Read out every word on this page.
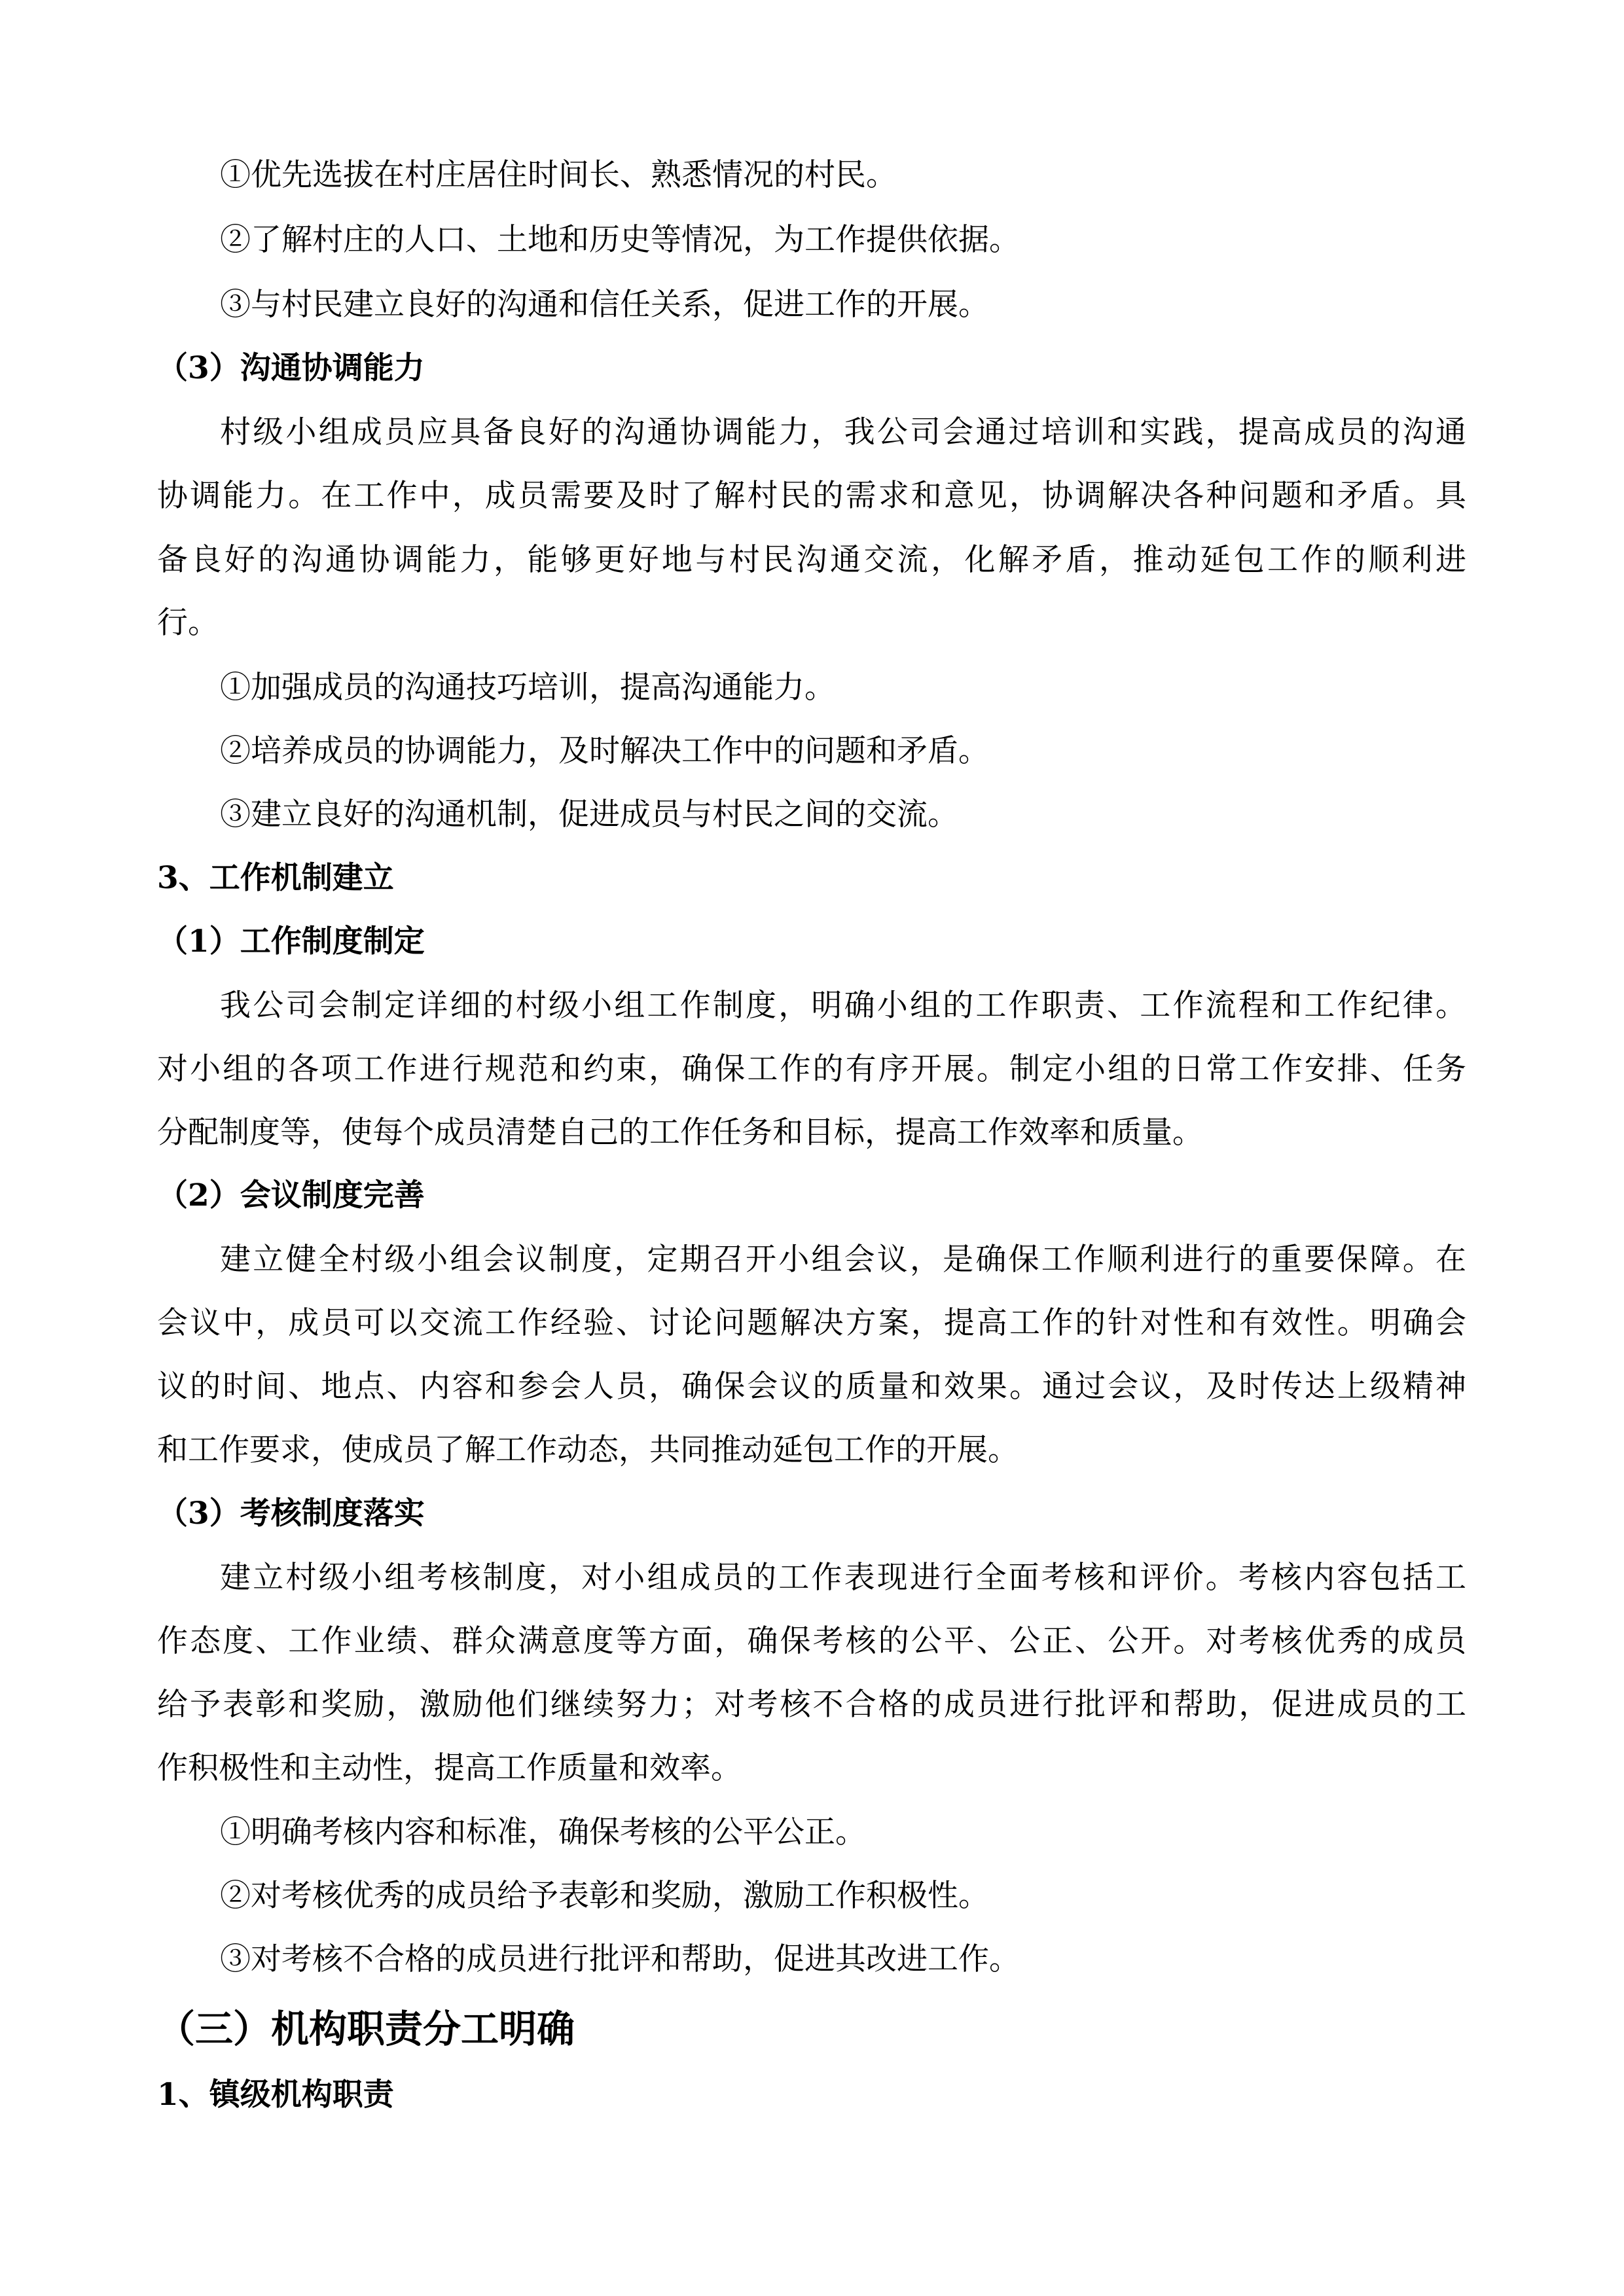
①优先选拔在村庄居住时间长、熟悉情况的村民。
②了解村庄的人口、土地和历史等情况，为工作提供依据。
③与村民建立良好的沟通和信任关系，促进工作的开展。
（3）沟通协调能力
村级小组成员应具备良好的沟通协调能力，我公司会通过培训和实践，提高成员的沟通
协调能力。在工作中，成员需要及时了解村民的需求和意见，协调解决各种问题和矛盾。具
备良好的沟通协调能力，能够更好地与村民沟通交流，化解矛盾，推动延包工作的顺利进
行。
①加强成员的沟通技巧培训，提高沟通能力。
②培养成员的协调能力，及时解决工作中的问题和矛盾。
③建立良好的沟通机制，促进成员与村民之间的交流。
3、工作机制建立
（1）工作制度制定
我公司会制定详细的村级小组工作制度，明确小组的工作职责、工作流程和工作纪律。
对小组的各项工作进行规范和约束，确保工作的有序开展。制定小组的日常工作安排、任务
分配制度等，使每个成员清楚自己的工作任务和目标，提高工作效率和质量。
（2）会议制度完善
建立健全村级小组会议制度，定期召开小组会议，是确保工作顺利进行的重要保障。在
会议中，成员可以交流工作经验、讨论问题解决方案，提高工作的针对性和有效性。明确会
议的时间、地点、内容和参会人员，确保会议的质量和效果。通过会议，及时传达上级精神
和工作要求，使成员了解工作动态，共同推动延包工作的开展。
（3）考核制度落实
建立村级小组考核制度，对小组成员的工作表现进行全面考核和评价。考核内容包括工
作态度、工作业绩、群众满意度等方面，确保考核的公平、公正、公开。对考核优秀的成员
给予表彰和奖励，激励他们继续努力；对考核不合格的成员进行批评和帮助，促进成员的工
作积极性和主动性，提高工作质量和效率。
①明确考核内容和标准，确保考核的公平公正。
②对考核优秀的成员给予表彰和奖励，激励工作积极性。
③对考核不合格的成员进行批评和帮助，促进其改进工作。
（三）机构职责分工明确
1、镇级机构职责
